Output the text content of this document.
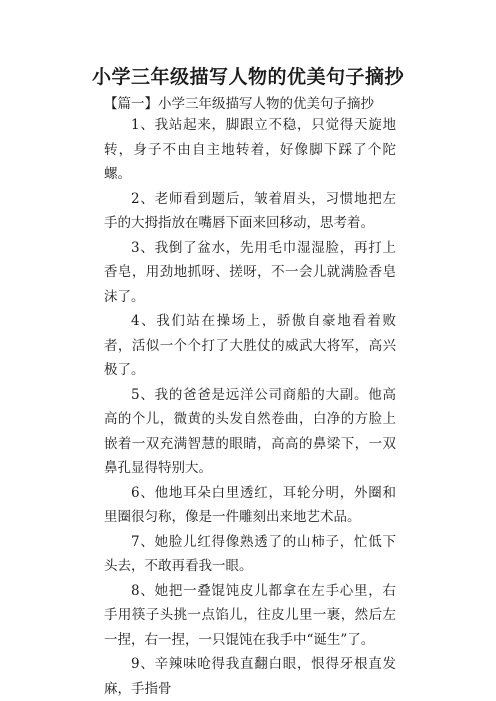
小学三年级描写人物的优美句子摘抄
【篇一】小学三年级描写人物的优美句子摘抄

1、我站起来，脚跟立不稳，只觉得天旋地转，身子不由自主地转着，好像脚下踩了个陀螺。

2、老师看到题后，皱着眉头，习惯地把左手的大拇指放在嘴唇下面来回移动，思考着。

3、我倒了盆水，先用毛巾湿湿脸，再打上香皂，用劲地抓呀、搓呀，不一会儿就满脸香皂沫了。

4、我们站在操场上，骄傲自豪地看着败者，活似一个个打了大胜仗的威武大将军，高兴极了。

5、我的爸爸是远洋公司商船的大副。他高高的个儿，微黄的头发自然卷曲，白净的方脸上嵌着一双充满智慧的眼睛，高高的鼻梁下，一双鼻孔显得特别大。

6、他地耳朵白里透红，耳轮分明，外圈和里圈很匀称，像是一件雕刻出来地艺术品。

7、她脸儿红得像熟透了的山柿子，忙低下头去，不敢再看我一眼。

8、她把一叠馄饨皮儿都拿在左手心里，右手用筷子头挑一点馅儿，往皮儿里一裹，然后左一捏，右一捏，一只馄饨在我手中“诞生”了。

9、辛辣味呛得我直翻白眼，恨得牙根直发麻，手指骨
